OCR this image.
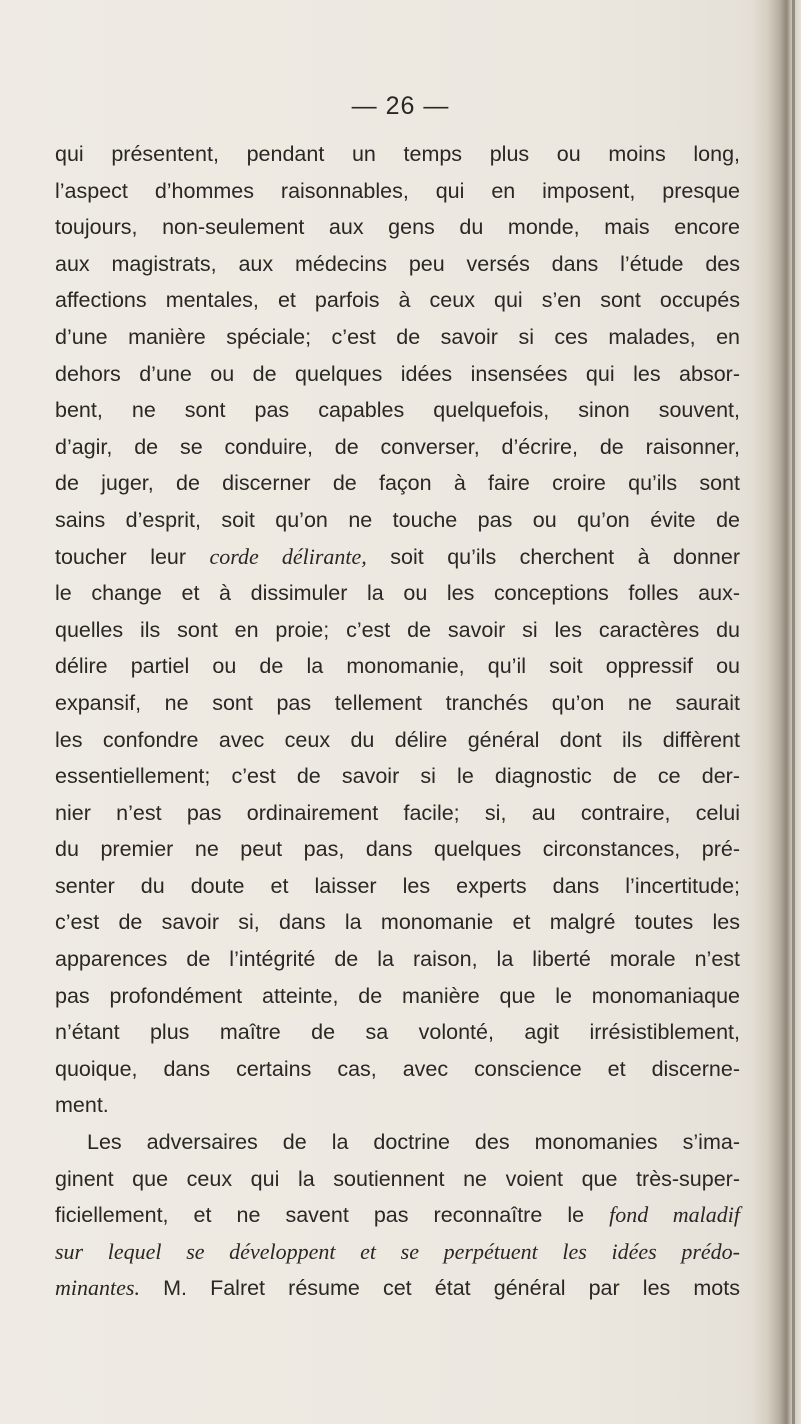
— 26 —
qui présentent, pendant un temps plus ou moins long,
l’aspect d’hommes raisonnables, qui en imposent, presque
toujours, non-seulement aux gens du monde, mais encore
aux magistrats, aux médecins peu versés dans l’étude des
affections mentales, et parfois à ceux qui s’en sont occupés
d’une manière spéciale; c’est de savoir si ces malades, en
dehors d’une ou de quelques idées insensées qui les absor-
bent, ne sont pas capables quelquefois, sinon souvent,
d’agir, de se conduire, de converser, d’écrire, de raisonner,
de juger, de discerner de façon à faire croire qu’ils sont
sains d’esprit, soit qu’on ne touche pas ou qu’on évite de
toucher leur corde délirante, soit qu’ils cherchent à donner
le change et à dissimuler la ou les conceptions folles aux-
quelles ils sont en proie; c’est de savoir si les caractères du
délire partiel ou de la monomanie, qu’il soit oppressif ou
expansif, ne sont pas tellement tranchés qu’on ne saurait
les confondre avec ceux du délire général dont ils diffèrent
essentiellement; c’est de savoir si le diagnostic de ce der-
nier n’est pas ordinairement facile; si, au contraire, celui
du premier ne peut pas, dans quelques circonstances, pré-
senter du doute et laisser les experts dans l’incertitude;
c’est de savoir si, dans la monomanie et malgré toutes les
apparences de l’intégrité de la raison, la liberté morale n’est
pas profondément atteinte, de manière que le monomaniaque
n’étant plus maître de sa volonté, agit irrésistiblement,
quoique, dans certains cas, avec conscience et discerne-
ment.
Les adversaires de la doctrine des monomanies s’ima-
ginent que ceux qui la soutiennent ne voient que très-super-
ficiellement, et ne savent pas reconnaître le fond maladif
sur lequel se développent et se perpétuent les idées prédo-
minantes. M. Falret résume cet état général par les mots
